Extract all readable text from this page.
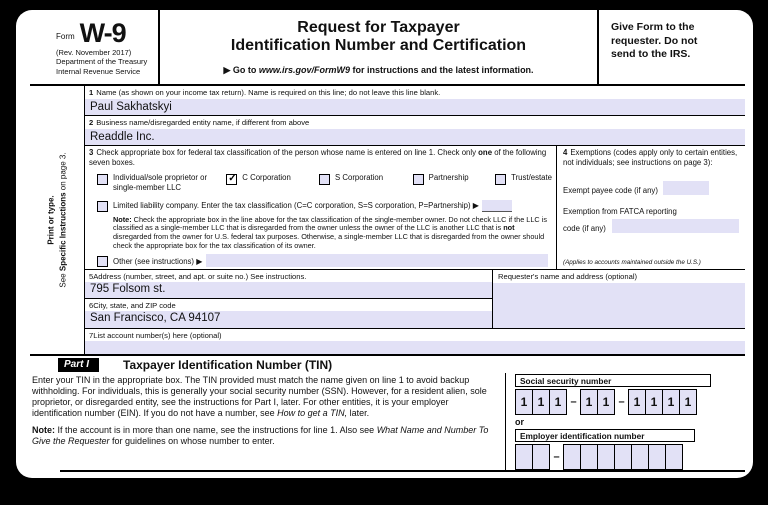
Form W-9
(Rev. November 2017)
Department of the Treasury
Internal Revenue Service
Request for Taxpayer
Identification Number and Certification
▶ Go to www.irs.gov/FormW9 for instructions and the latest information.
Give Form to the requester. Do not send to the IRS.
Print or type.
See Specific Instructions on page 3.
1 Name (as shown on your income tax return). Name is required on this line; do not leave this line blank.
Paul Sakhatskyi
2 Business name/disregarded entity name, if different from above
Readdle Inc.
3 Check appropriate box for federal tax classification of the person whose name is entered on line 1. Check only one of the following seven boxes.
Individual/sole proprietor or single-member LLC
✓
C Corporation	S Corporation	Partnership	Trust/estate
Limited liability company. Enter the tax classification (C=C corporation, S=S corporation, P=Partnership) ▶
Note: Check the appropriate box in the line above for the tax classification of the single-member owner. Do not check LLC if the LLC is classified as a single-member LLC that is disregarded from the owner unless the owner of the LLC is another LLC that is not disregarded from the owner for U.S. federal tax purposes. Otherwise, a single-member LLC that is disregarded from the owner should check the appropriate box for the tax classification of its owner.
Other (see instructions) ▶
4 Exemptions (codes apply only to certain entities, not individuals; see instructions on page 3):
Exempt payee code (if any)
Exemption from FATCA reporting
code (if any)
(Applies to accounts maintained outside the U.S.)
5Address (number, street, and apt. or suite no.) See instructions.
795 Folsom st.
6City, state, and ZIP code
San Francisco, CA 94107
Requester's name and address (optional)
7List account number(s) here (optional)
Part I	Taxpayer Identification Number (TIN)
Enter your TIN in the appropriate box. The TIN provided must match the name given on line 1 to avoid backup withholding. For individuals, this is generally your social security number (SSN). However, for a resident alien, sole proprietor, or disregarded entity, see the instructions for Part I, later. For other entities, it is your employer identification number (EIN). If you do not have a number, see How to get a TIN, later.
Note: If the account is in more than one name, see the instructions for line 1. Also see What Name and Number To Give the Requester for guidelines on whose number to enter.
Social security number
1 1 1 – 1 1 – 1 1 1 1
or
Employer identification number
–
